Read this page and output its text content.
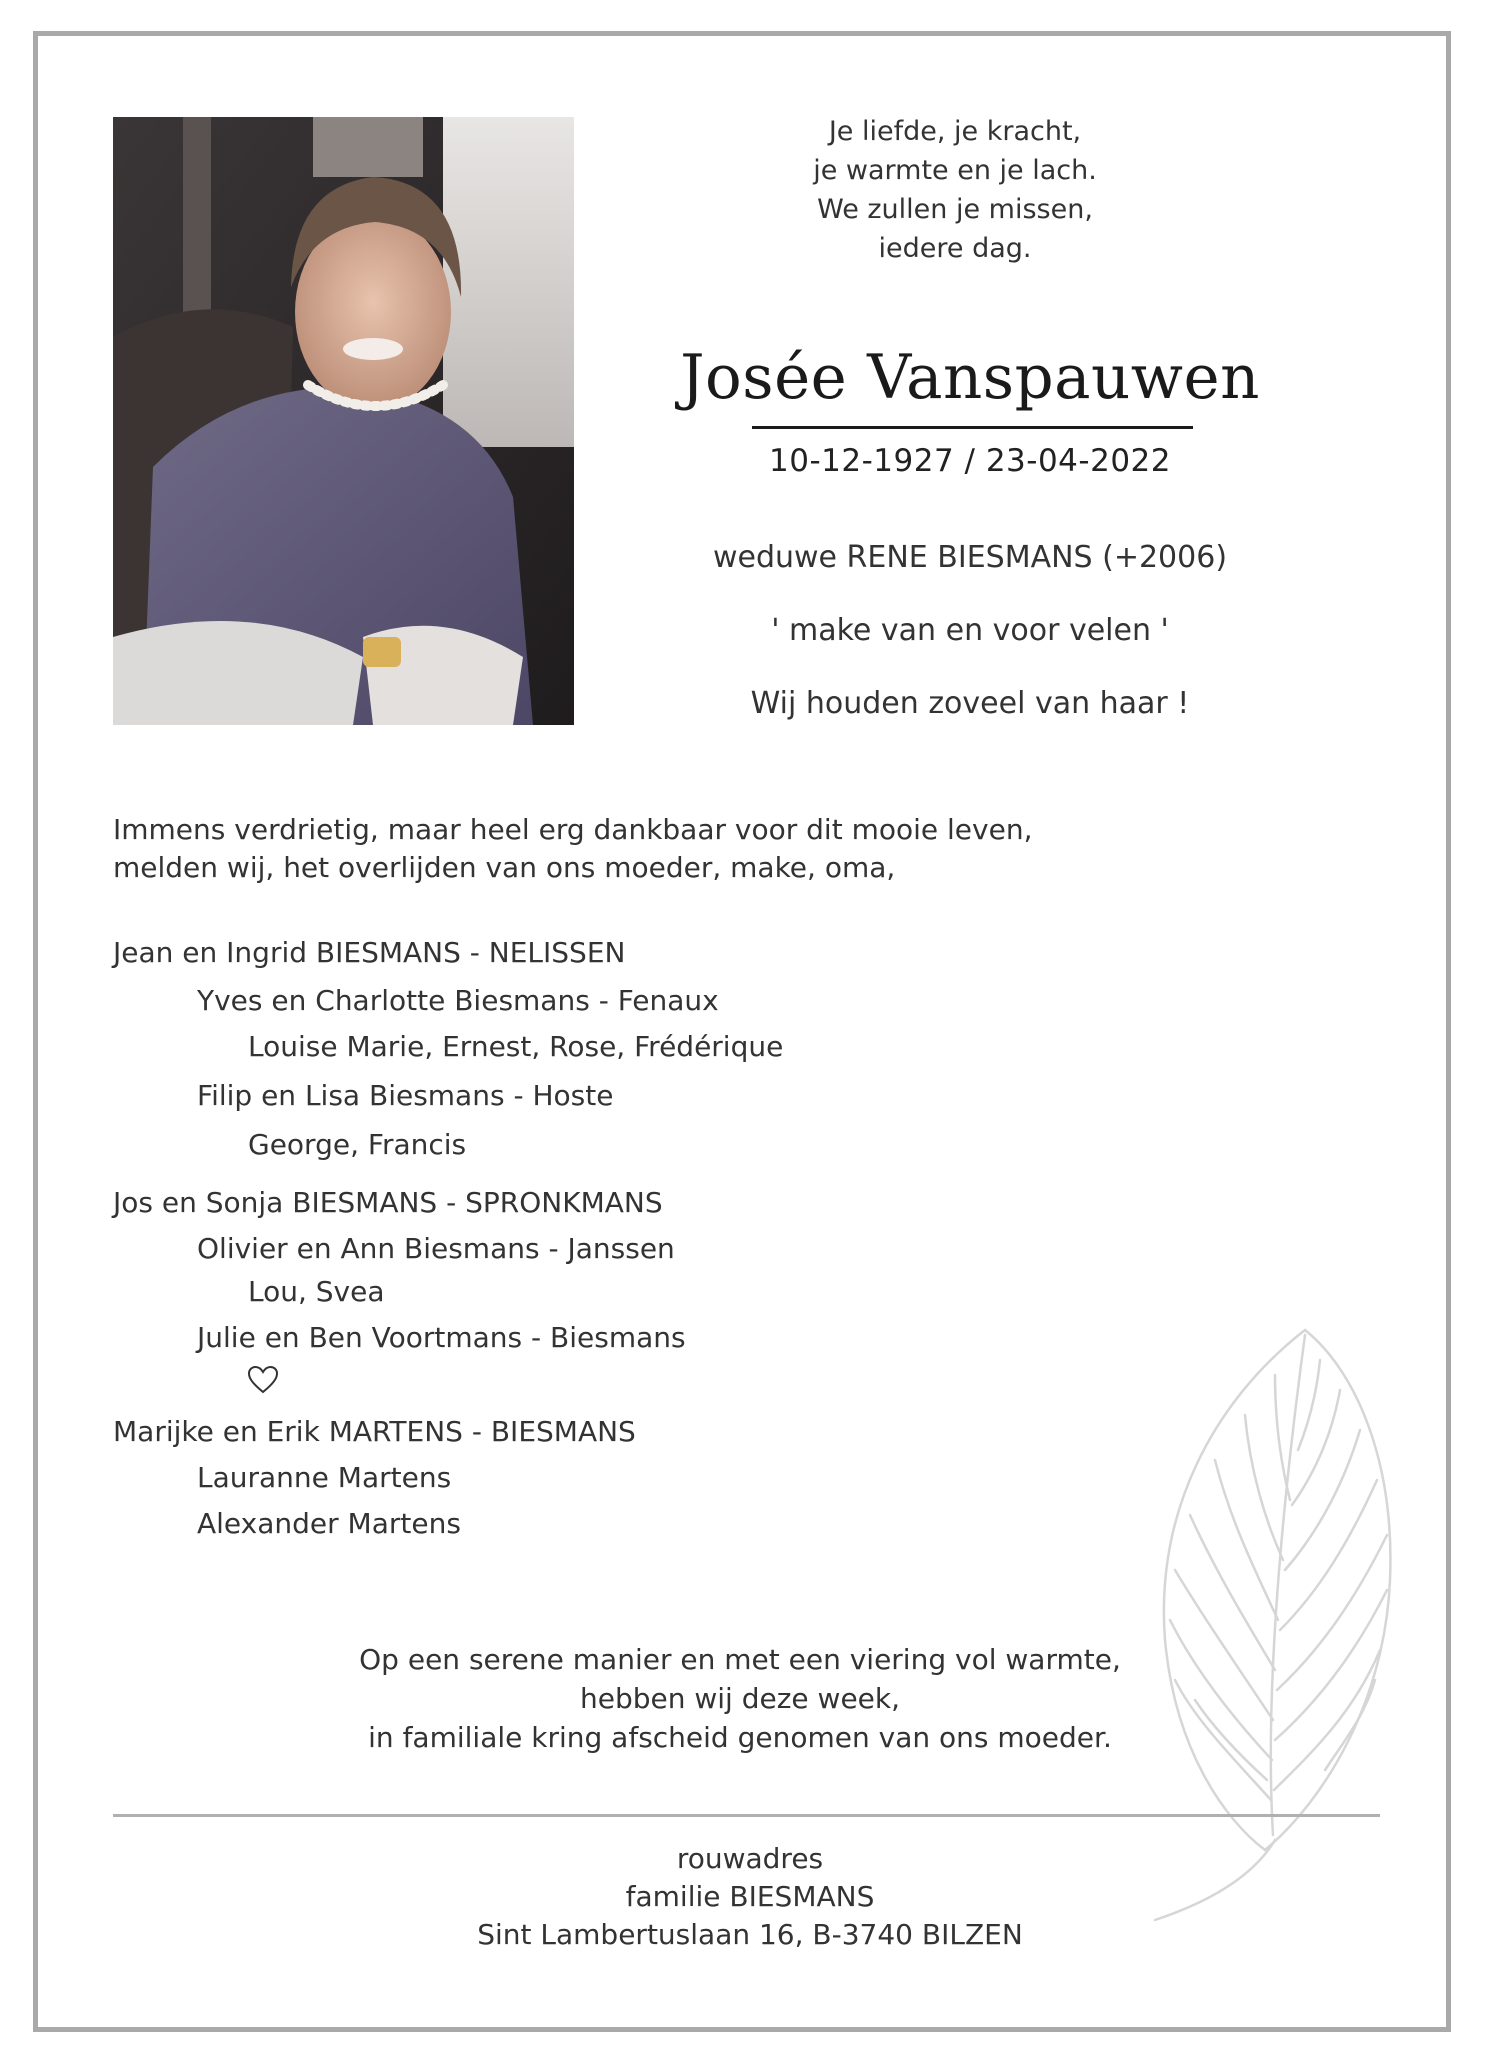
Je liefde, je kracht,
je warmte en je lach.
We zullen je missen,
iedere dag.
Josée Vanspauwen
10-12-1927 / 23-04-2022
weduwe RENE BIESMANS (+2006)
' make van en voor velen '
Wij houden zoveel van haar !
Immens verdrietig, maar heel erg dankbaar voor dit mooie leven,
melden wij, het overlijden van ons moeder, make, oma,
Jean en Ingrid BIESMANS - NELISSEN
Yves en Charlotte Biesmans - Fenaux
Louise Marie, Ernest, Rose, Frédérique
Filip en Lisa Biesmans - Hoste
George, Francis
Jos en Sonja BIESMANS - SPRONKMANS
Olivier en Ann Biesmans - Janssen
Lou, Svea
Julie en Ben Voortmans - Biesmans
Marijke en Erik MARTENS - BIESMANS
Lauranne Martens
Alexander Martens
Op een serene manier en met een viering vol warmte,
hebben wij deze week,
in familiale kring afscheid genomen van ons moeder.
rouwadres
familie BIESMANS
Sint Lambertuslaan 16, B-3740 BILZEN
